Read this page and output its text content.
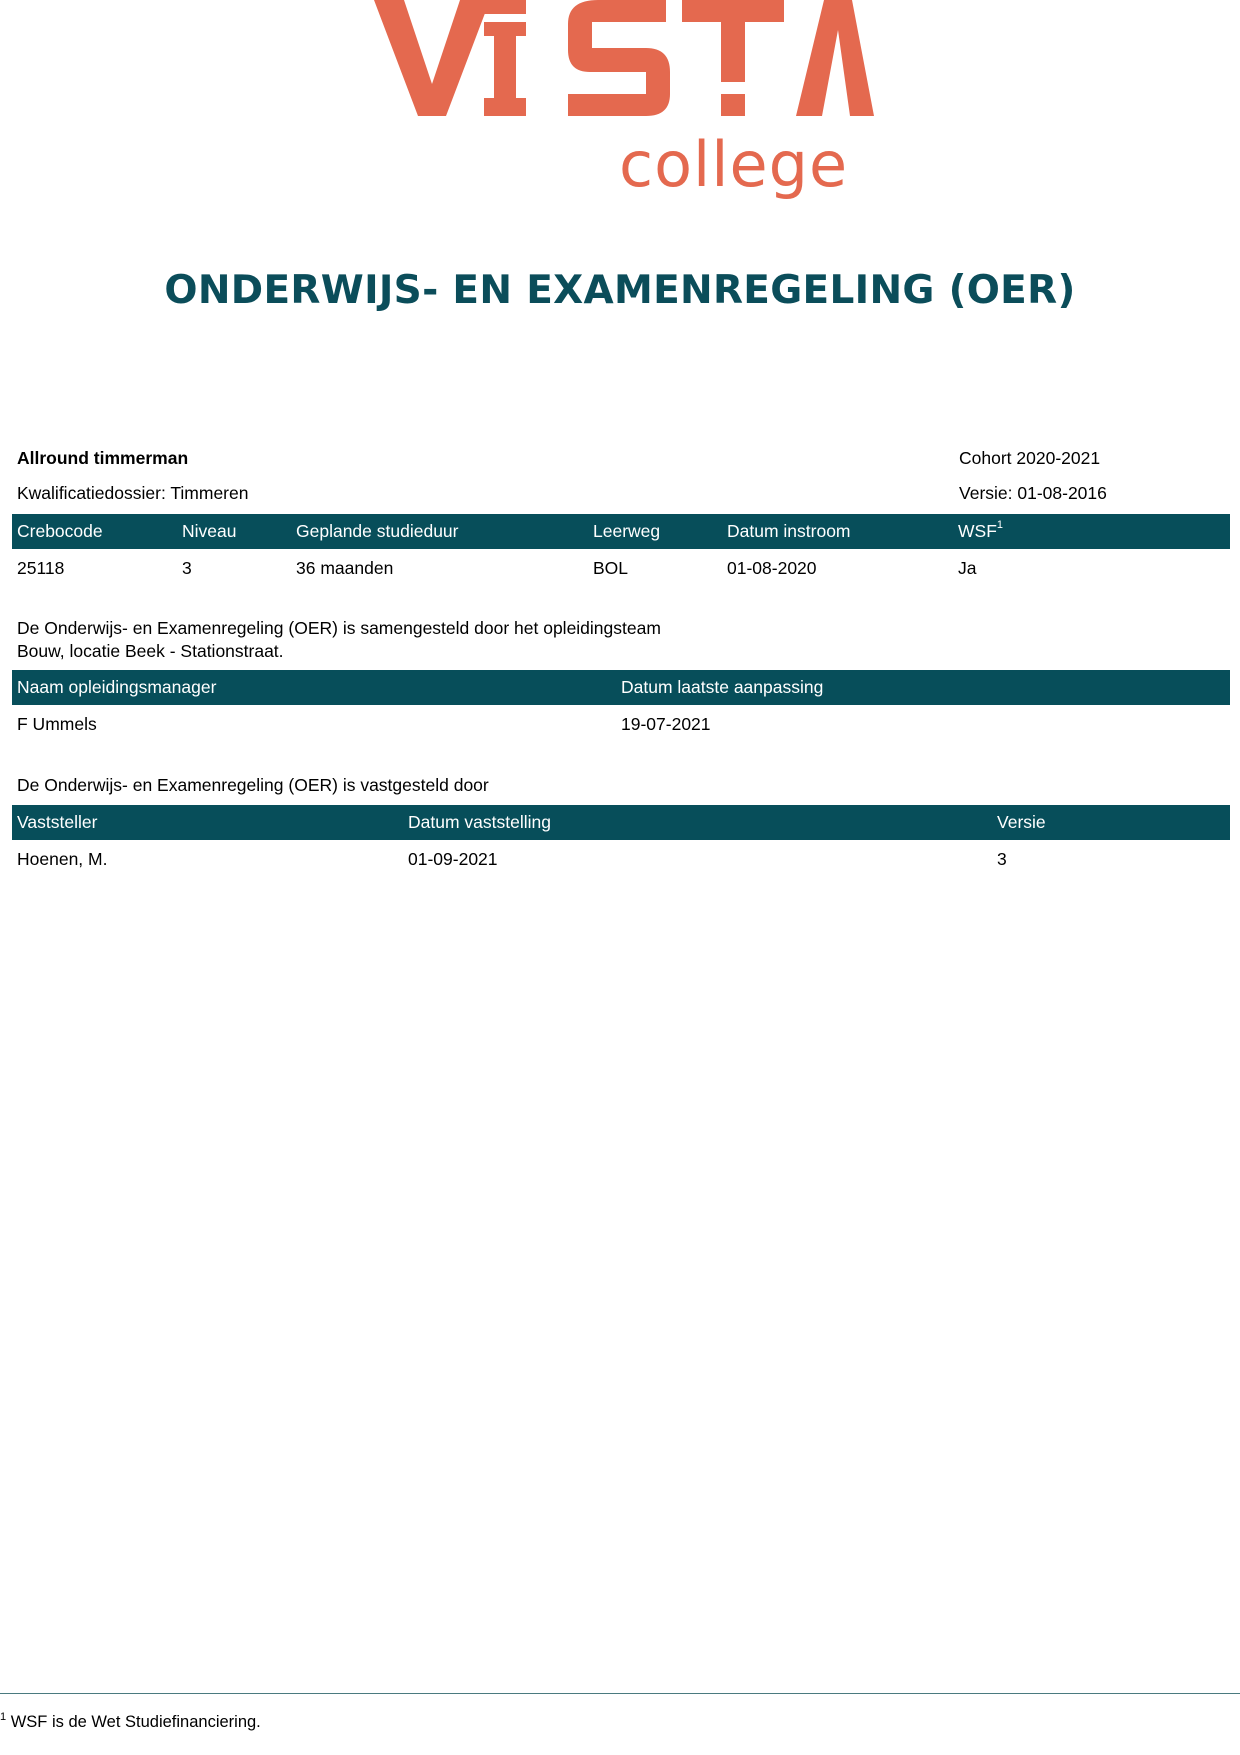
college
ONDERWIJS- EN EXAMENREGELING (OER)
Allround timmerman	Cohort 2020-2021
Kwalificatiedossier: Timmeren	Versie: 01-08-2016
Crebocode	Niveau	Geplande studieduur	Leerweg	Datum instroom	WSF$^1$
25118	3	36 maanden	BOL	01-08-2020	Ja
De Onderwijs- en Examenregeling (OER) is samengesteld door het opleidingsteam
Bouw, locatie Beek - Stationstraat.
Naam opleidingsmanager	Datum laatste aanpassing
F Ummels	19-07-2021
De Onderwijs- en Examenregeling (OER) is vastgesteld door
Vaststeller	Datum vaststelling	Versie
Hoenen, M.	01-09-2021	3
$^1$ WSF is de Wet Studiefinanciering.
